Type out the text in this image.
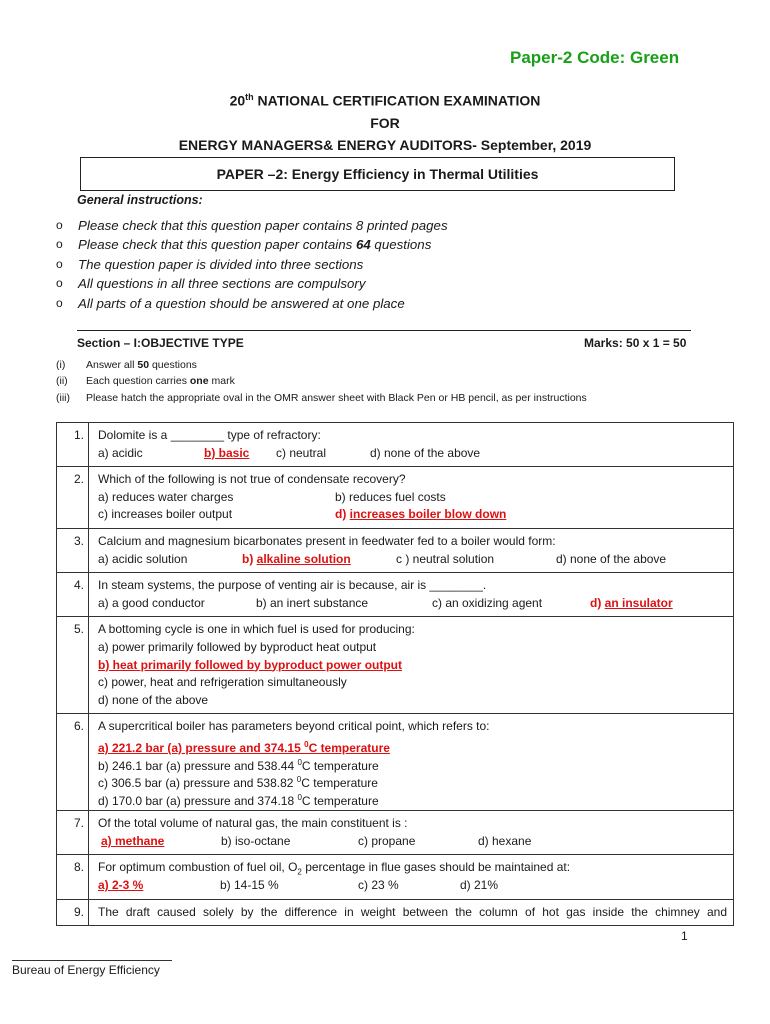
Paper-2 Code: Green
20th NATIONAL CERTIFICATION EXAMINATION
FOR
ENERGY MANAGERS& ENERGY AUDITORS- September, 2019
PAPER –2: Energy Efficiency in Thermal Utilities
General instructions:
o Please check that this question paper contains 8 printed pages
o Please check that this question paper contains 64 questions
o The question paper is divided into three sections
o All questions in all three sections are compulsory
o All parts of a question should be answered at one place
Section – I:OBJECTIVE TYPE	Marks: 50 x 1 = 50
(i) Answer all 50 questions
(ii) Each question carries one mark
(iii) Please hatch the appropriate oval in the OMR answer sheet with Black Pen or HB pencil, as per instructions
1.	Dolomite is a ________ type of refractory:
a) acidic b) basic c) neutral d) none of the above

2.	Which of the following is not true of condensate recovery?
a) reduces water charges b) reduces fuel costs
c) increases boiler output d) increases boiler blow down

3.	Calcium and magnesium bicarbonates present in feedwater fed to a boiler would form:
a) acidic solution b) alkaline solution c ) neutral solution d) none of the above

4.	In steam systems, the purpose of venting air is because, air is ________.
a) a good conductor b) an inert substance c) an oxidizing agent d) an insulator

5.	A bottoming cycle is one in which fuel is used for producing:
a) power primarily followed by byproduct heat output
b) heat primarily followed by byproduct power output
c) power, heat and refrigeration simultaneously
d) none of the above

6.	A supercritical boiler has parameters beyond critical point, which refers to:
a) 221.2 bar (a) pressure and 374.15 $^0$C temperature
b) 246.1 bar (a) pressure and 538.44 $^0$C temperature
c) 306.5 bar (a) pressure and 538.82 $^0$C temperature
d) 170.0 bar (a) pressure and 374.18 $^0$C temperature

7.	Of the total volume of natural gas, the main constituent is :
a) methane b) iso-octane c) propane d) hexane

8.	For optimum combustion of fuel oil, $O_2$ percentage in flue gases should be maintained at:
a) 2-3 % b) 14-15 % c) 23 % d) 21%

9.	The draft caused solely by the difference in weight between the column of hot gas inside the chimney and
1
Bureau of Energy Efficiency
